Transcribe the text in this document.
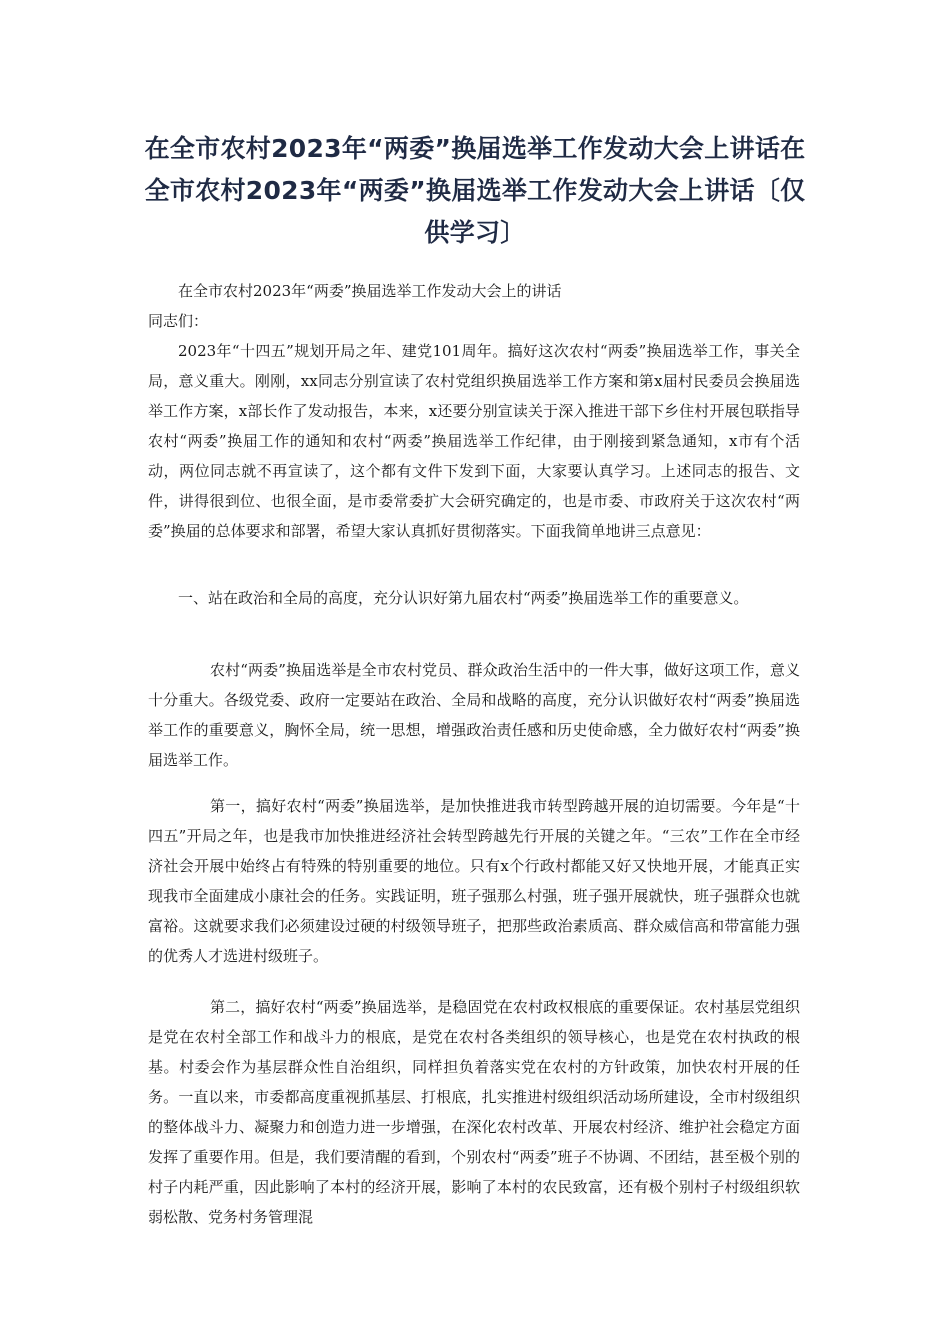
在全市农村2023年“两委”换届选举工作发动大会上讲话在全市农村2023年“两委”换届选举工作发动大会上讲话〔仅供学习〕

在全市农村2023年“两委”换届选举工作发动大会上的讲话

同志们：

2023年“十四五”规划开局之年、建党101周年。搞好这次农村“两委”换届选举工作，事关全局，意义重大。刚刚，xx同志分别宣读了农村党组织换届选举工作方案和第x届村民委员会换届选举工作方案，x部长作了发动报告，本来，x还要分别宣读关于深入推进干部下乡住村开展包联指导农村“两委”换届工作的通知和农村“两委”换届选举工作纪律，由于刚接到紧急通知，x市有个活动，两位同志就不再宣读了，这个都有文件下发到下面，大家要认真学习。上述同志的报告、文件，讲得很到位、也很全面，是市委常委扩大会研究确定的，也是市委、市政府关于这次农村“两委”换届的总体要求和部署，希望大家认真抓好贯彻落实。下面我简单地讲三点意见：

一、站在政治和全局的高度，充分认识好第九届农村“两委”换届选举工作的重要意义。

农村“两委”换届选举是全市农村党员、群众政治生活中的一件大事，做好这项工作，意义十分重大。各级党委、政府一定要站在政治、全局和战略的高度，充分认识做好农村“两委”换届选举工作的重要意义，胸怀全局，统一思想，增强政治责任感和历史使命感，全力做好农村“两委”换届选举工作。

第一，搞好农村“两委”换届选举，是加快推进我市转型跨越开展的迫切需要。今年是“十四五”开局之年，也是我市加快推进经济社会转型跨越先行开展的关键之年。“三农”工作在全市经济社会开展中始终占有特殊的特别重要的地位。只有x个行政村都能又好又快地开展，才能真正实现我市全面建成小康社会的任务。实践证明，班子强那么村强，班子强开展就快，班子强群众也就富裕。这就要求我们必须建设过硬的村级领导班子，把那些政治素质高、群众威信高和带富能力强的优秀人才选进村级班子。

第二，搞好农村“两委”换届选举，是稳固党在农村政权根底的重要保证。农村基层党组织是党在农村全部工作和战斗力的根底，是党在农村各类组织的领导核心，也是党在农村执政的根基。村委会作为基层群众性自治组织，同样担负着落实党在农村的方针政策，加快农村开展的任务。一直以来，市委都高度重视抓基层、打根底，扎实推进村级组织活动场所建设，全市村级组织的整体战斗力、凝聚力和创造力进一步增强，在深化农村改革、开展农村经济、维护社会稳定方面发挥了重要作用。但是，我们要清醒的看到，个别农村“两委”班子不协调、不团结，甚至极个别的村子内耗严重，因此影响了本村的经济开展，影响了本村的农民致富，还有极个别村子村级组织软弱松散、党务村务管理混
